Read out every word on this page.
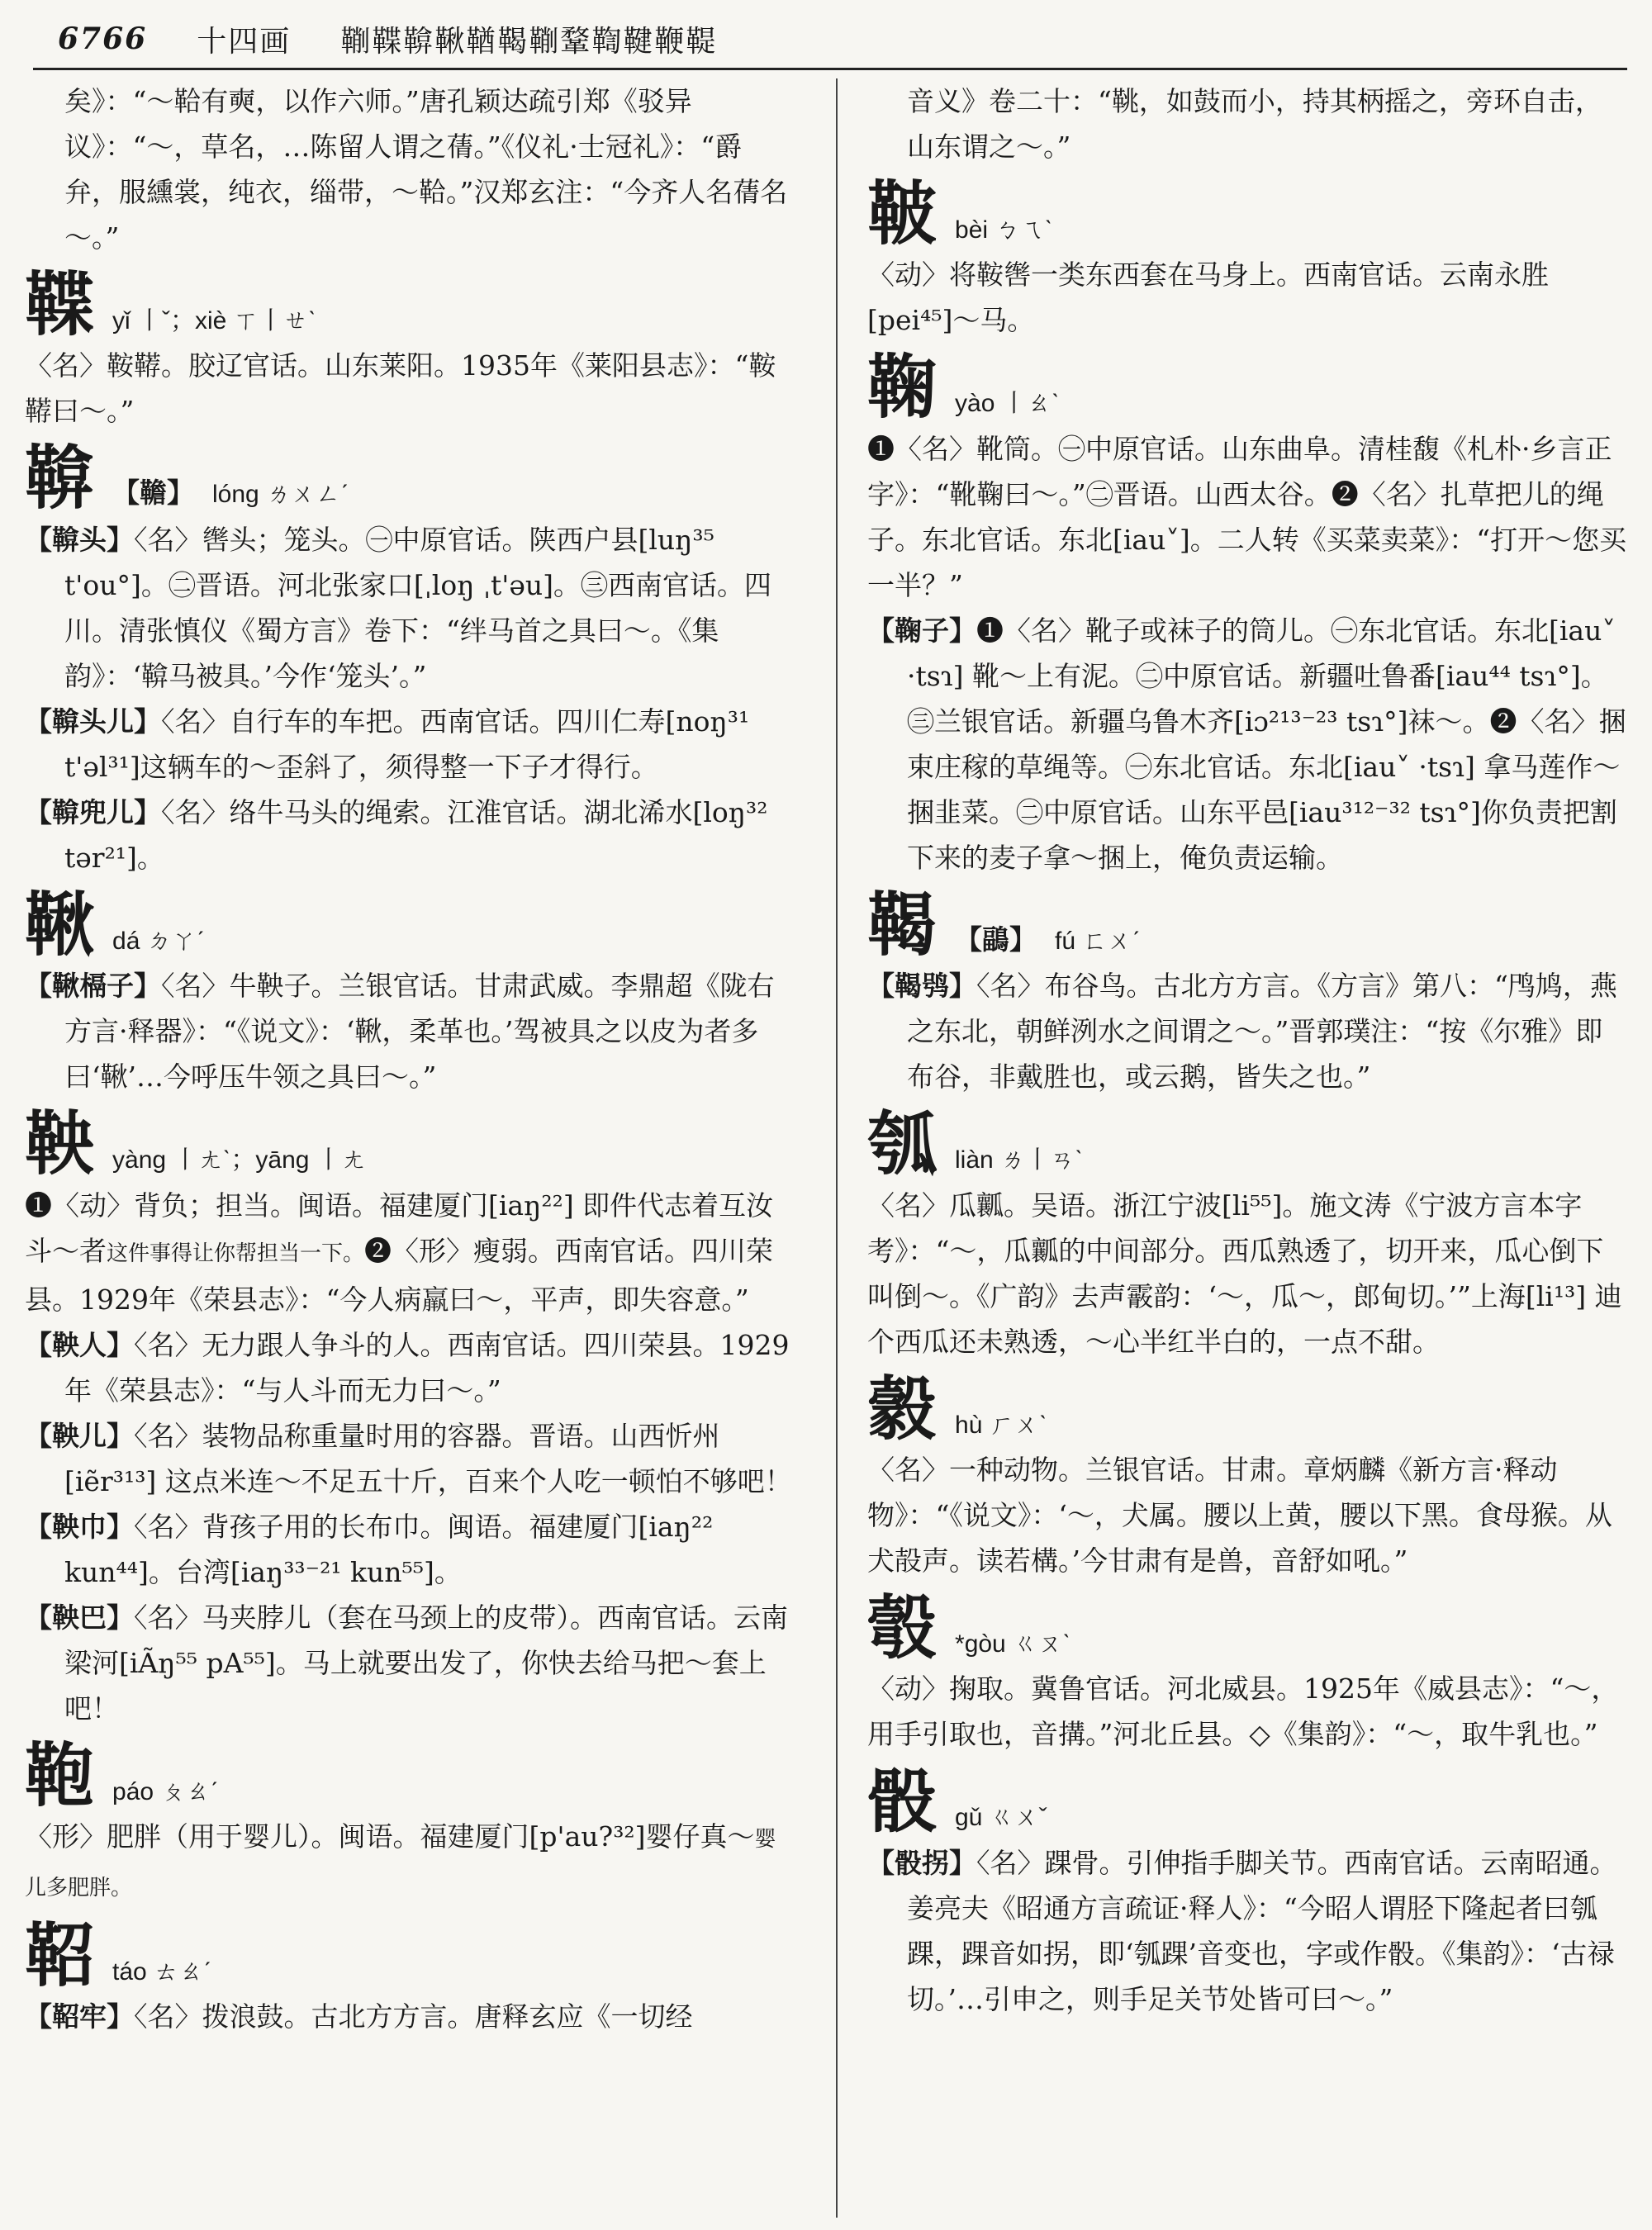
6766 十四画 鞩鞢鞥鞦鞧鞨鞩鞪鞫鞬鞭鞮

矣》：“～鞈有奭，以作六师。”唐孔颖达疏引郑《驳异议》：“～，草名，…陈留人谓之蒨。”《仪礼·士冠礼》：“爵弁，服纁裳，纯衣，缁带，～鞈。”汉郑玄注：“今齐人名蒨名～。”

鞢 yǐ 丨ˇ；xiè ㄒ丨ㄝˋ

〈名〉鞍鞯。胶辽官话。山东莱阳。1935年《莱阳县志》：“鞍鞯曰～。”

鞥 【韂】 lóng ㄌㄨㄥˊ

【鞥头】〈名〉辔头；笼头。㊀中原官话。陕西户县[luŋ³⁵ t'ou°]。㊁晋语。河北张家口[ˌloŋ ˌt'əu]。㊂西南官话。四川。清张慎仪《蜀方言》卷下：“绊马首之具曰～。《集韵》：‘鞥马被具。’今作‘笼头’。”

【鞥头儿】〈名〉自行车的车把。西南官话。四川仁寿[noŋ³¹ t'əl³¹]这辆车的～歪斜了，须得整一下子才得行。

【鞥兜儿】〈名〉络牛马头的绳索。江淮官话。湖北浠水[loŋ³² tər²¹]。

鞦 dá ㄉㄚˊ

【鞦槅子】〈名〉牛鞅子。兰银官话。甘肃武威。李鼎超《陇右方言·释器》：“《说文》：‘鞦，柔革也。’驾被具之以皮为者多曰‘鞦’…今呼压牛领之具曰～。”

鞅 yàng 丨ㄤˋ；yāng 丨ㄤ

❶〈动〉背负；担当。闽语。福建厦门[iaŋ²²] 即件代志着互汝斗～者这件事得让你帮担当一下。❷〈形〉瘦弱。西南官话。四川荣县。1929年《荣县志》：“今人病羸曰～，平声，即失容意。”

【鞅人】〈名〉无力跟人争斗的人。西南官话。四川荣县。1929年《荣县志》：“与人斗而无力曰～。”

【鞅儿】〈名〉装物品称重量时用的容器。晋语。山西忻州[iẽr³¹³] 这点米连～不足五十斤，百来个人吃一顿怕不够吧！

【鞅巾】〈名〉背孩子用的长布巾。闽语。福建厦门[iaŋ²² kun⁴⁴]。台湾[iaŋ³³⁻²¹ kun⁵⁵]。

【鞅巴】〈名〉马夹脖儿（套在马颈上的皮带）。西南官话。云南梁河[iÃŋ⁵⁵ pA⁵⁵]。马上就要出发了，你快去给马把～套上吧！

鞄 páo ㄆㄠˊ

〈形〉肥胖（用于婴儿）。闽语。福建厦门[p'au?³²]婴仔真～婴儿多肥胖。

鞀 táo ㄊㄠˊ

【鞀牢】〈名〉拨浪鼓。古北方方言。唐释玄应《一切经

音义》卷二十：“鞉，如鼓而小，持其柄摇之，旁环自击，山东谓之～。”

鞁 bèi ㄅㄟˋ

〈动〉将鞍辔一类东西套在马身上。西南官话。云南永胜[pei⁴⁵]～马。

鞠 yào 丨ㄠˋ

❶〈名〉靴筒。㊀中原官话。山东曲阜。清桂馥《札朴·乡言正字》：“靴鞠曰～。”㊁晋语。山西太谷。❷〈名〉扎草把儿的绳子。东北官话。东北[iau˅]。二人转《买菜卖菜》：“打开～您买一半？”

【鞠子】❶〈名〉靴子或袜子的筒儿。㊀东北官话。东北[iau˅ ·tsɿ] 靴～上有泥。㊁中原官话。新疆吐鲁番[iau⁴⁴ tsɿ°]。㊂兰银官话。新疆乌鲁木齐[iɔ²¹³⁻²³ tsɿ°]袜～。❷〈名〉捆束庄稼的草绳等。㊀东北官话。东北[iau˅ ·tsɿ] 拿马莲作～捆韭菜。㊁中原官话。山东平邑[iau³¹²⁻³² tsɿ°]你负责把割下来的麦子拿～捆上，俺负责运输。

鞨 【鶝】 fú ㄈㄨˊ

【鞨鸮】〈名〉布谷鸟。古北方方言。《方言》第八：“鸤鸠，燕之东北，朝鲜洌水之间谓之～。”晋郭璞注：“按《尔雅》即布谷，非戴胜也，或云鹅，皆失之也。”

瓠 liàn ㄌ丨ㄢˋ

〈名〉瓜瓤。吴语。浙江宁波[li⁵⁵]。施文涛《宁波方言本字考》：“～，瓜瓤的中间部分。西瓜熟透了，切开来，瓜心倒下叫倒～。《广韵》去声霰韵：‘～，瓜～，郎甸切。’”上海[li¹³] 迪个西瓜还未熟透，～心半红半白的，一点不甜。

豰 hù ㄏㄨˋ

〈名〉一种动物。兰银官话。甘肃。章炳麟《新方言·释动物》：“《说文》：‘～，犬属。腰以上黄，腰以下黑。食母猴。从犬㱿声。读若構。’今甘肃有是兽，音舒如吼。”

彀 *gòu ㄍㄡˋ

〈动〉掬取。冀鲁官话。河北威县。1925年《威县志》：“～，用手引取也，音搆。”河北丘县。◇《集韵》：“～，取牛乳也。”

骰 gǔ ㄍㄨˇ

【骰拐】〈名〉踝骨。引伸指手脚关节。西南官话。云南昭通。姜亮夫《昭通方言疏证·释人》：“今昭人谓胫下隆起者曰瓠踝，踝音如拐，即‘瓠踝’音变也，字或作骰。《集韵》：‘古禄切。’…引申之，则手足关节处皆可曰～。”
